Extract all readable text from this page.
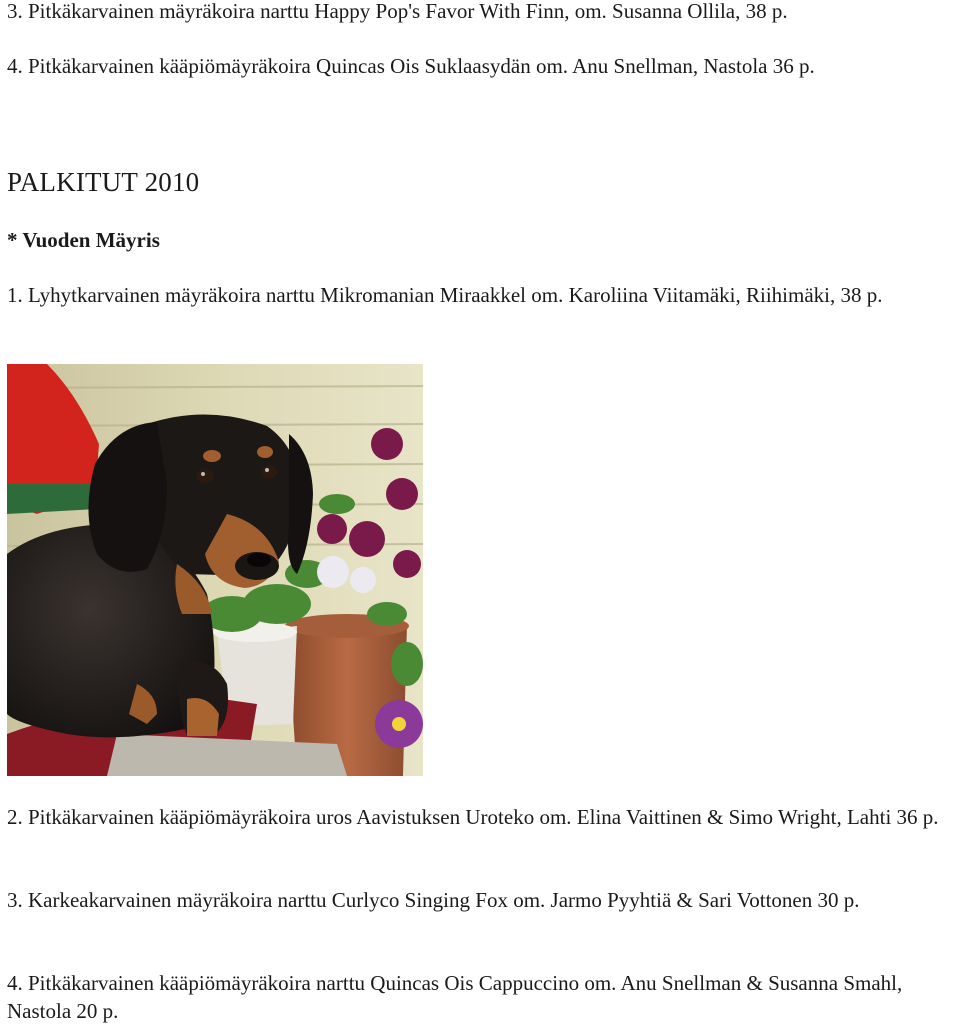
3. Pitkäkarvainen mäyräkoira narttu Happy Pop's Favor With Finn, om. Susanna Ollila, 38 p.

4. Pitkäkarvainen kääpiömäyräkoira Quincas Ois Suklaasydän om. Anu Snellman, Nastola 36 p.

PALKITUT 2010
* Vuoden Mäyris

1. Lyhytkarvainen mäyräkoira narttu Mikromanian Miraakkel om. Karoliina Viitamäki, Riihimäki, 38 p.

2. Pitkäkarvainen kääpiömäyräkoira uros Aavistuksen Uroteko om. Elina Vaittinen & Simo Wright, Lahti 36 p.

3. Karkeakarvainen mäyräkoira narttu Curlyco Singing Fox om. Jarmo Pyyhtiä & Sari Vottonen 30 p.

4. Pitkäkarvainen kääpiömäyräkoira narttu Quincas Ois Cappuccino om. Anu Snellman & Susanna Smahl, Nastola 20 p.
